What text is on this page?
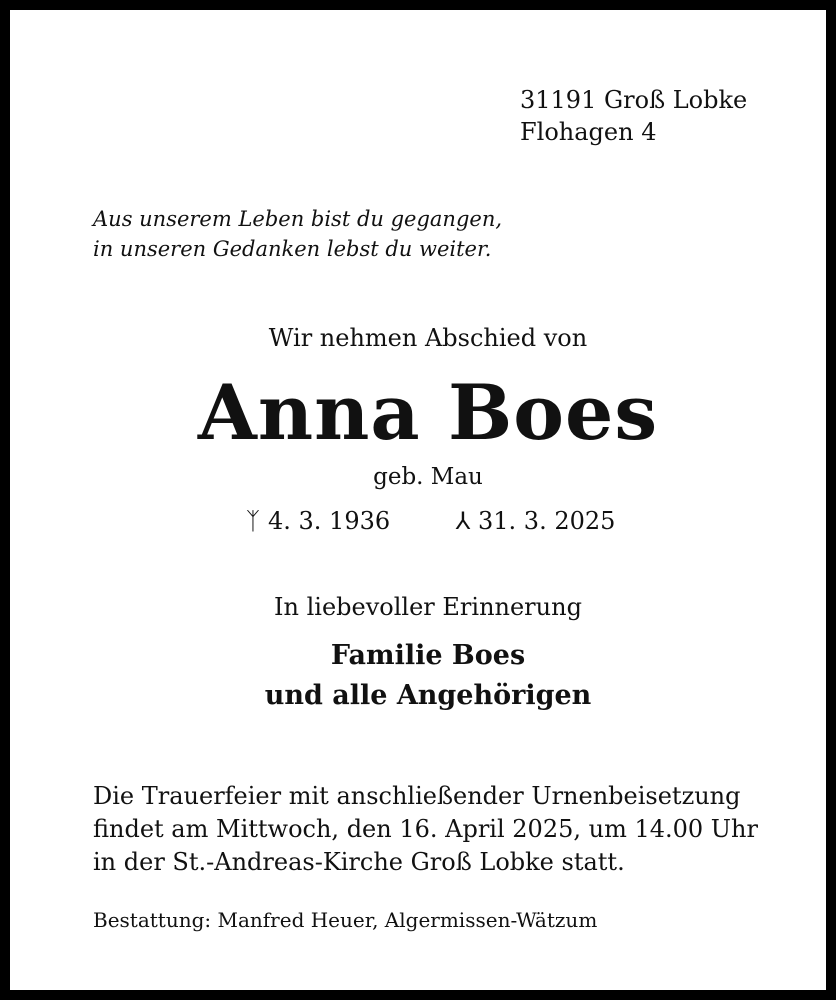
31191 Groß Lobke
Flohagen 4
Aus unserem Leben bist du gegangen,
in unseren Gedanken lebst du weiter.
Wir nehmen Abschied von
Anna Boes
geb. Mau
ᛉ 4. 3. 1936	⅄ 31. 3. 2025
In liebevoller Erinnerung
Familie Boes
und alle Angehörigen
Die Trauerfeier mit anschließender Urnenbeisetzung
findet am Mittwoch, den 16. April 2025, um 14.00 Uhr
in der St.-Andreas-Kirche Groß Lobke statt.
Bestattung: Manfred Heuer, Algermissen-Wätzum
